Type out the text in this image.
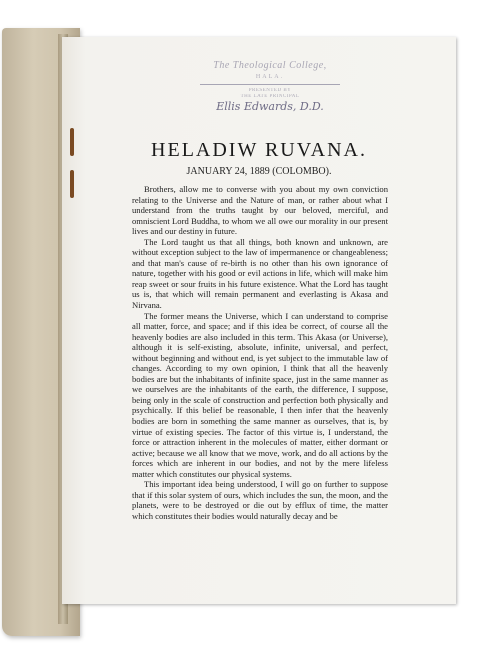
The Theological College,
HALA.
PRESENTED BY
THE LATE PRINCIPAL
Ellis Edwards, D.D.
HELADIW RUVANA.
JANUARY 24, 1889 (COLOMBO).

Brothers, allow me to converse with you about my own conviction relating to the Universe and the Nature of man, or rather about what I understand from the truths taught by our beloved, merciful, and omniscient Lord Buddha, to whom we all owe our morality in our present lives and our destiny in future.

The Lord taught us that all things, both known and unknown, are without exception subject to the law of impermanence or changeableness; and that man's cause of re-birth is no other than his own ignorance of nature, together with his good or evil actions in life, which will make him reap sweet or sour fruits in his future existence. What the Lord has taught us is, that which will remain permanent and everlasting is Akasa and Nirvana.

The former means the Universe, which I can understand to comprise all matter, force, and space; and if this idea be correct, of course all the heavenly bodies are also included in this term. This Akasa (or Universe), although it is self-existing, absolute, infinite, universal, and perfect, without beginning and without end, is yet subject to the immutable law of changes. According to my own opinion, I think that all the heavenly bodies are but the inhabitants of infinite space, just in the same manner as we ourselves are the inhabitants of the earth, the difference, I suppose, being only in the scale of construction and perfection both physically and psychically. If this belief be reasonable, I then infer that the heavenly bodies are born in something the same manner as ourselves, that is, by virtue of existing species. The factor of this virtue is, I understand, the force or attraction inherent in the molecules of matter, either dormant or active; because we all know that we move, work, and do all actions by the forces which are inherent in our bodies, and not by the mere lifeless matter which constitutes our physical systems.

This important idea being understood, I will go on further to suppose that if this solar system of ours, which includes the sun, the moon, and the planets, were to be destroyed or die out by efflux of time, the matter which constitutes their bodies would naturally decay and be
